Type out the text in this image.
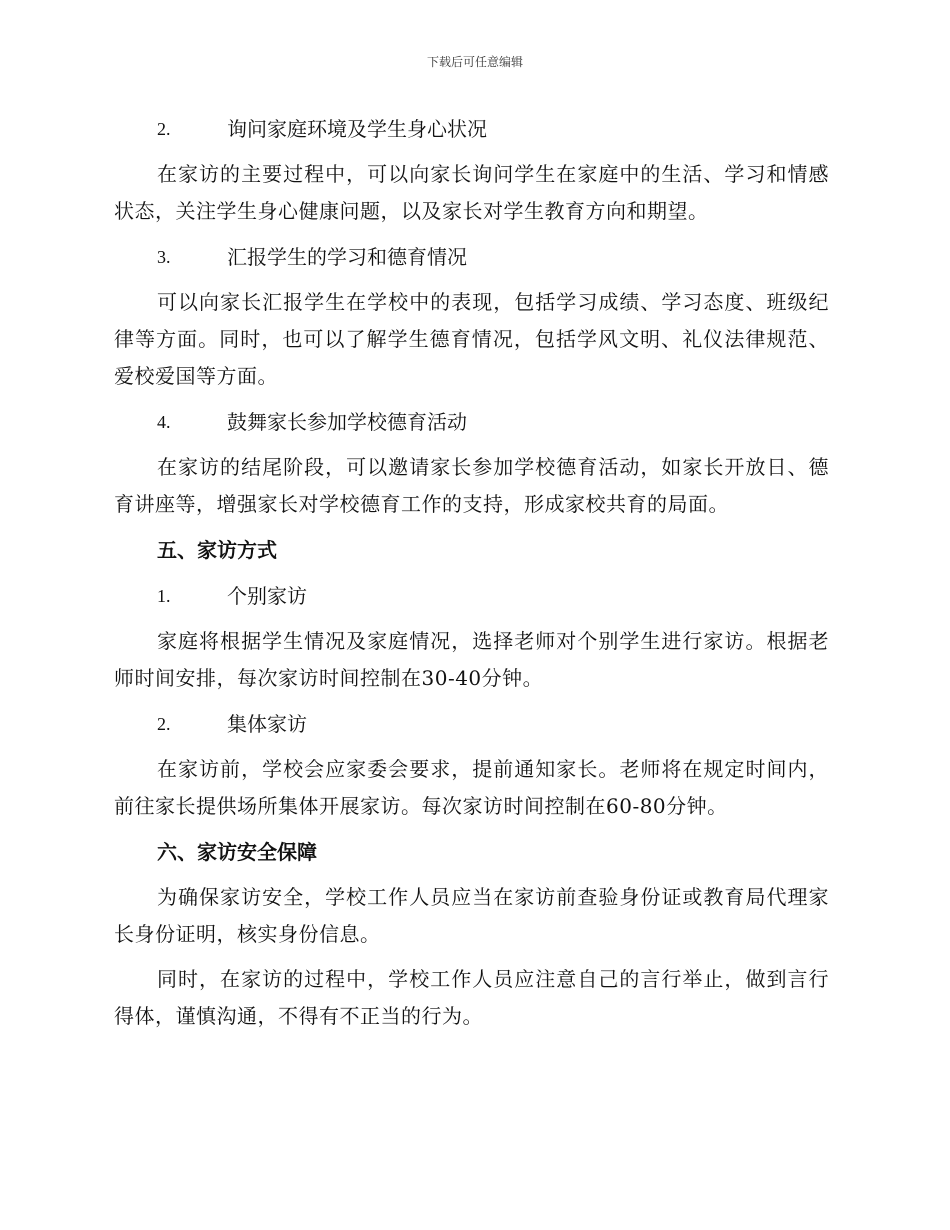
下载后可任意编辑
2.	询问家庭环境及学生身心状况

在家访的主要过程中，可以向家长询问学生在家庭中的生活、学习和情感状态，关注学生身心健康问题，以及家长对学生教育方向和期望。

3.	汇报学生的学习和德育情况

可以向家长汇报学生在学校中的表现，包括学习成绩、学习态度、班级纪律等方面。同时，也可以了解学生德育情况，包括学风文明、礼仪法律规范、爱校爱国等方面。

4.	鼓舞家长参加学校德育活动

在家访的结尾阶段，可以邀请家长参加学校德育活动，如家长开放日、德育讲座等，增强家长对学校德育工作的支持，形成家校共育的局面。

五、家访方式
1.	个别家访

家庭将根据学生情况及家庭情况，选择老师对个别学生进行家访。根据老师时间安排，每次家访时间控制在30-40分钟。

2.	集体家访

在家访前，学校会应家委会要求，提前通知家长。老师将在规定时间内，前往家长提供场所集体开展家访。每次家访时间控制在60-80分钟。

六、家访安全保障

为确保家访安全，学校工作人员应当在家访前查验身份证或教育局代理家长身份证明，核实身份信息。

同时，在家访的过程中，学校工作人员应注意自己的言行举止，做到言行得体，谨慎沟通，不得有不正当的行为。
